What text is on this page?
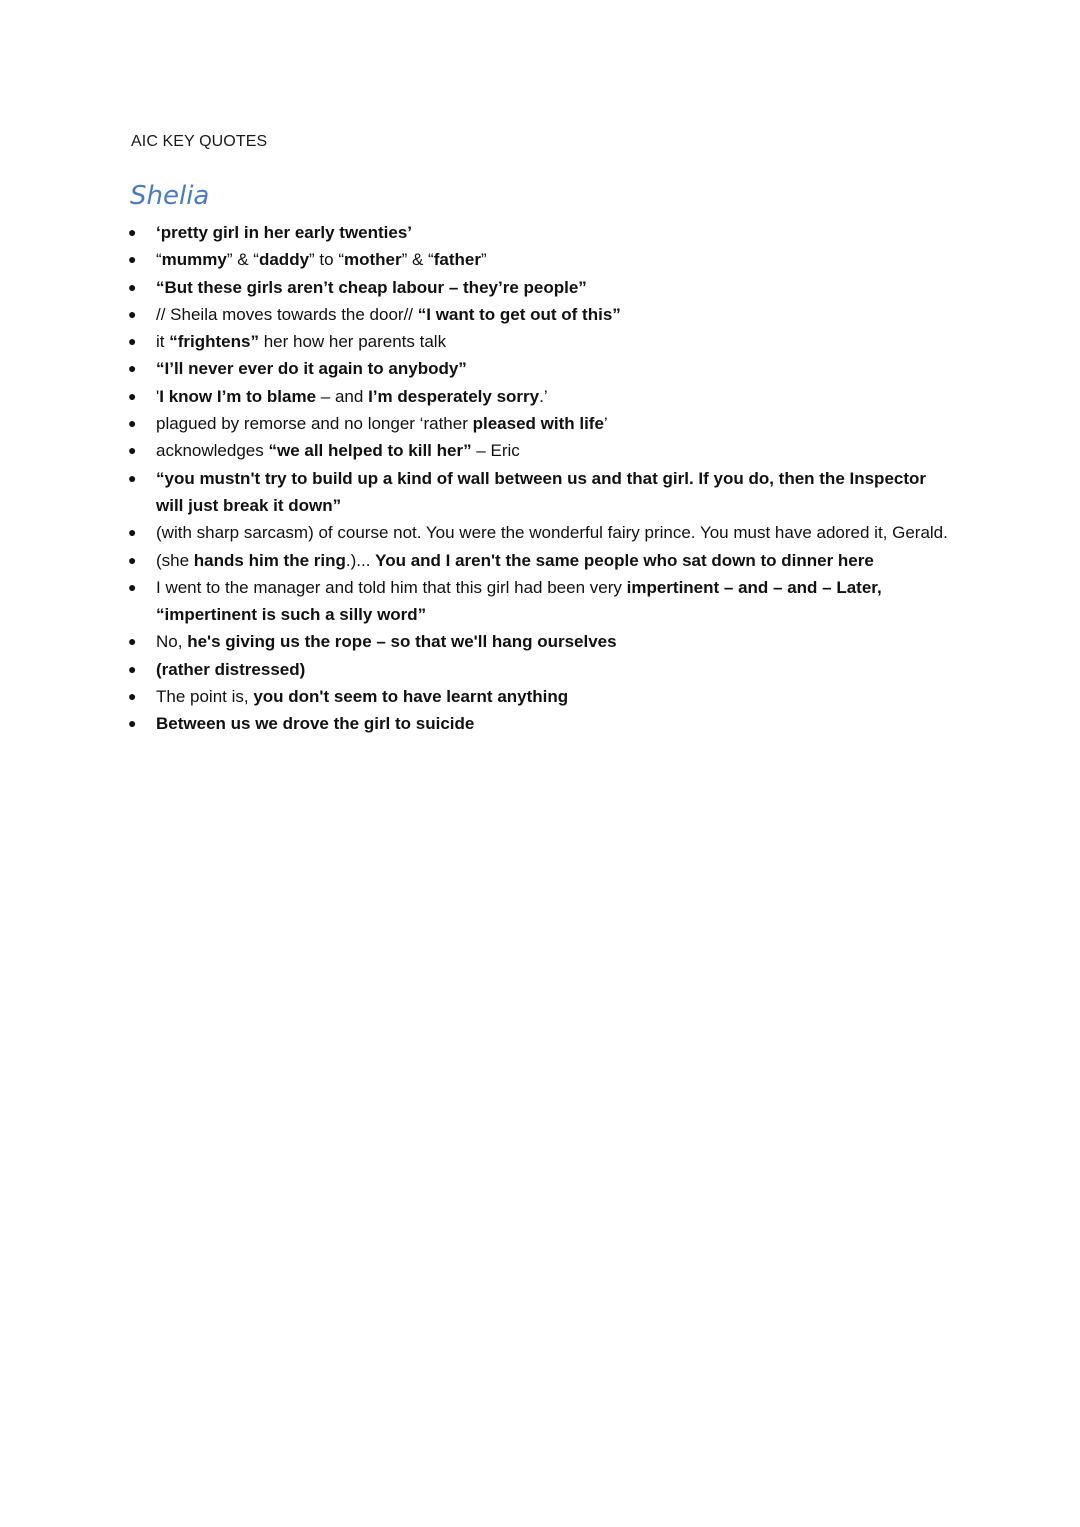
AIC KEY QUOTES
Shelia
● ‘pretty girl in her early twenties’
● “mummy” & “daddy” to “mother” & “father”
● “But these girls aren’t cheap labour – they’re people”
● // Sheila moves towards the door// “I want to get out of this”
● it “frightens” her how her parents talk
● “I’ll never ever do it again to anybody”
● 'I know I’m to blame – and I’m desperately sorry.’
● plagued by remorse and no longer ‘rather pleased with life’
● acknowledges “we all helped to kill her” – Eric
● “you mustn't try to build up a kind of wall between us and that girl. If you do, then the Inspector will just break it down”
● (with sharp sarcasm) of course not. You were the wonderful fairy prince. You must have adored it, Gerald.
● (she hands him the ring.)... You and I aren't the same people who sat down to dinner here
● I went to the manager and told him that this girl had been very impertinent – and – and – Later, “impertinent is such a silly word”
● No, he's giving us the rope – so that we'll hang ourselves
● (rather distressed)
● The point is, you don't seem to have learnt anything
● Between us we drove the girl to suicide
